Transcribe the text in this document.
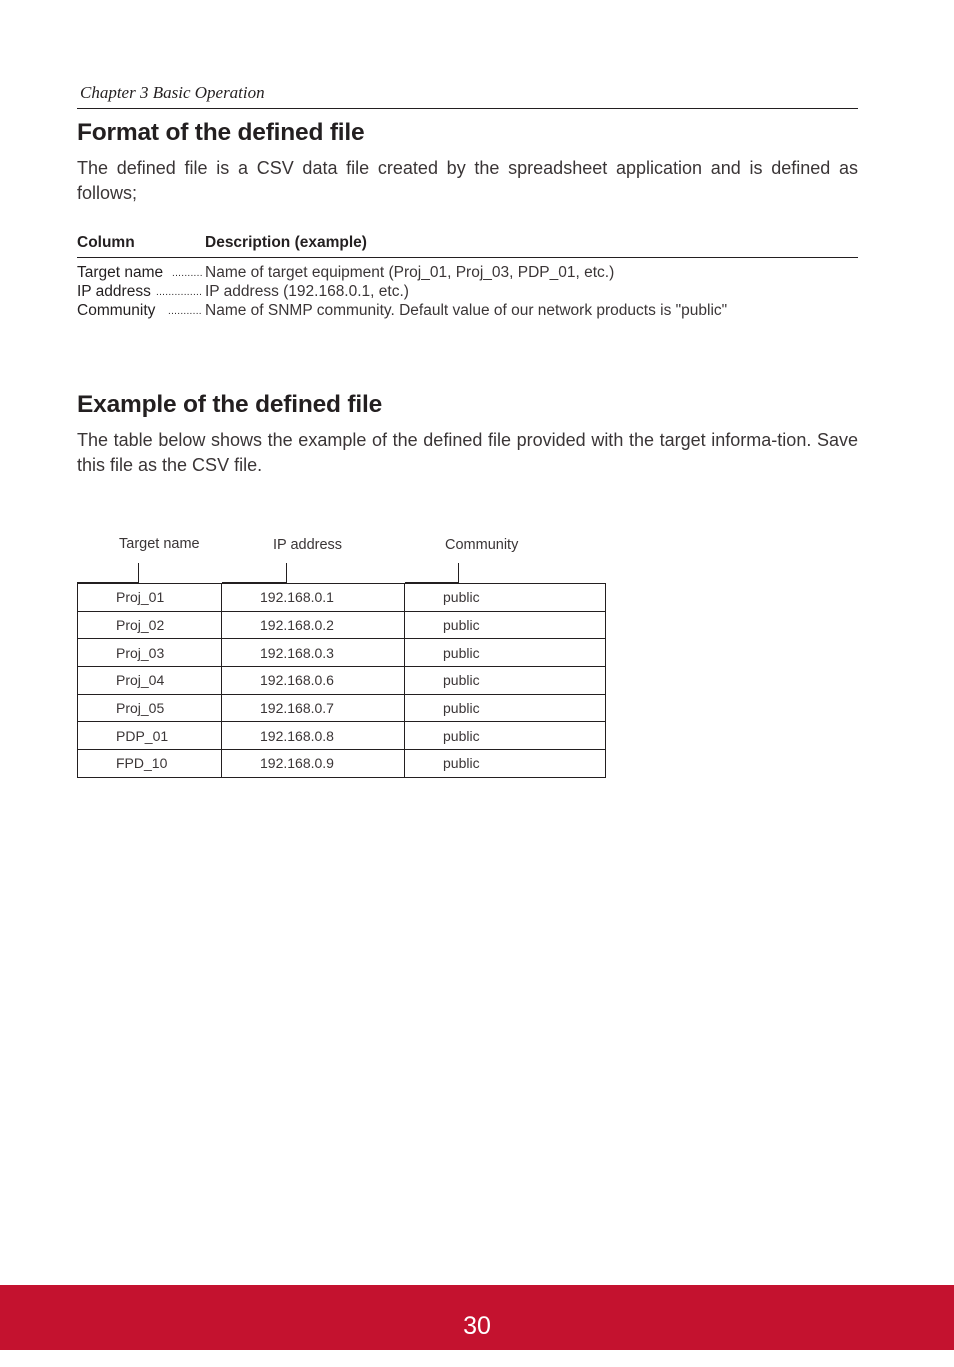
Chapter 3 Basic Operation
Format of the defined file
The defined file is a CSV data file created by the spreadsheet application and is defined as follows;
Column	Description (example)
Target name .......... Name of target equipment (Proj_01, Proj_03, PDP_01, etc.)
IP address ............... IP address (192.168.0.1, etc.)
Community ........... Name of SNMP community. Default value of our network products is "public"
Example of the defined file
The table below shows the example of the defined file provided with the target informa-tion. Save this file as the CSV file.
Target name	IP address	Community
Proj_01	192.168.0.1	public
Proj_02	192.168.0.2	public
Proj_03	192.168.0.3	public
Proj_04	192.168.0.6	public
Proj_05	192.168.0.7	public
PDP_01	192.168.0.8	public
FPD_10	192.168.0.9	public
30
